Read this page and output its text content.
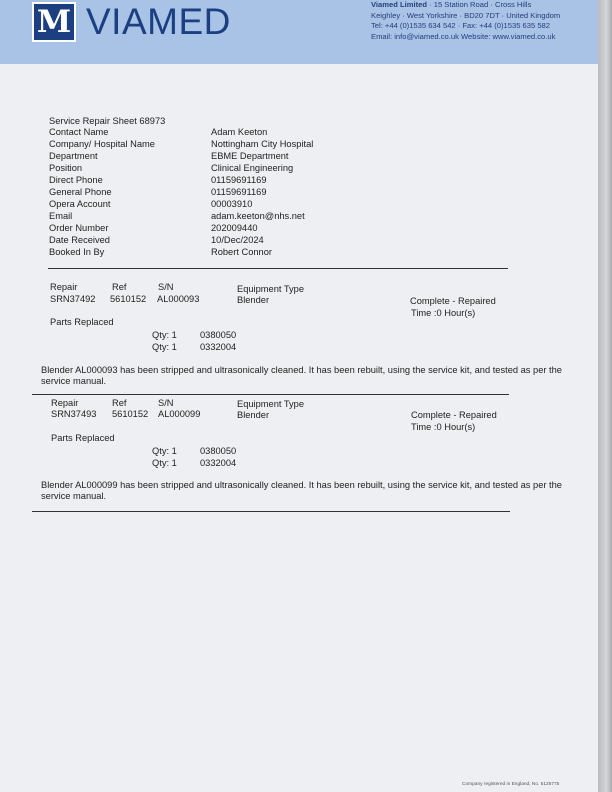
M VIAMED	Viamed Limited · 15 Station Road · Cross Hills
Keighley · West Yorkshire · BD20 7DT · United Kingdom
Tel: +44 (0)1535 634 542 · Fax: +44 (0)1535 635 582
Email: info@viamed.co.uk Website: www.viamed.co.uk
Service Repair Sheet 68973
Contact Name	Adam Keeton
Company/ Hospital Name	Nottingham City Hospital
Department	EBME Department
Position	Clinical Engineering
Direct Phone	01159691169
General Phone	01159691169
Opera Account	00003910
Email	adam.keeton@nhs.net
Order Number	202009440
Date Received	10/Dec/2024
Booked In By	Robert Connor
Repair	Ref	S/N	Equipment Type
SRN37492 5610152 AL000093	Blender	Complete - Repaired
Time :0 Hour(s)
Parts Replaced
Qty: 1 0380050
Qty: 1 0332004
Blender AL000093 has been stripped and ultrasonically cleaned. It has been rebuilt, using the service kit, and tested as per the service manual.
Repair	Ref	S/N	Equipment Type
SRN37493 5610152 AL000099	Blender	Complete - Repaired
Time :0 Hour(s)
Parts Replaced
Qty: 1 0380050
Qty: 1 0332004
Blender AL000099 has been stripped and ultrasonically cleaned. It has been rebuilt, using the service kit, and tested as per the service manual.
Company registered in England, No. 5125775
